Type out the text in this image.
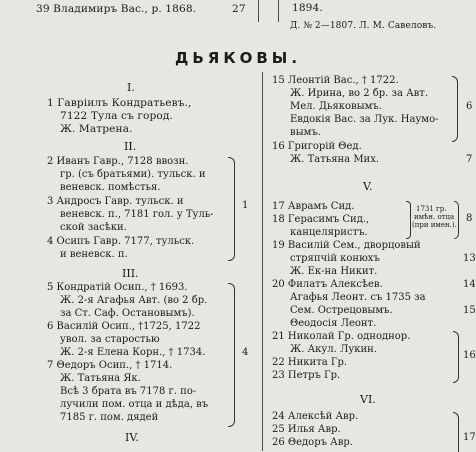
39 Владимиръ Вас., р. 1868.	27	1894.
Д. № 2—1807. Л. М. Савеловъ.
ДЬЯКОВЫ.
I.
1 Гавріилъ Кондратьевъ.,
7122 Тула съ город.
Ж. Матрена.
II.
2 Иванъ Гавр., 7128 ввозн.
гр. (съ братьями). тульск. и
веневск. помѣстья.
3 Андросъ Гавр. тульск. и
веневск. п., 7181 гол. у Туль-
ской засѣки.
4 Осипъ Гавр. 7177, тульск.
и веневск. п.
1
III.
5 Кондратій Осип., † 1693.
Ж. 2-я Агафья Авт. (во 2 бр.
за Ст. Саф. Остановымъ).
6 Василій Осип., †1725, 1722
увол. за старостью
Ж. 2-я Елена Корн., † 1734.
7 Θедоръ Осип., † 1714.
Ж. Татьяна Як.
Всѣ 3 брата въ 7178 г. по-
лучили пом. отца и дѣда, въ
7185 г. пом. дядей
4
IV.
15 Леонтій Вас., † 1722.
Ж. Ирина, во 2 бр. за Авт.
Мел. Дьяковымъ.
Евдокія Вас. за Лук. Наумо-
вымъ.
6
16 Григорій Θед.
Ж. Татьяна Мих.	7
V.
17 Аврамъ Сид.
18 Герасимъ Сид.,
канцеляристъ.
1731 гр.
имѣн. отца
(при имен.).
8
19 Василій Сем., дворцовый
стряпчій конюхъ
Ж. Ек-на Никит.
13
20 Филатъ Алексѣев.
Агафья Леонт. съ 1735 за
Сем. Острецовымъ.
Θеодосія Леонт.
14
15
21 Николай Гр. одноднор.
Ж. Акул. Лукин.
22 Никита Гр.
23 Петръ Гр.
16
VI.
24 Алексѣй Авр.
25 Илья Авр.
26 Θедоръ Авр.	17
